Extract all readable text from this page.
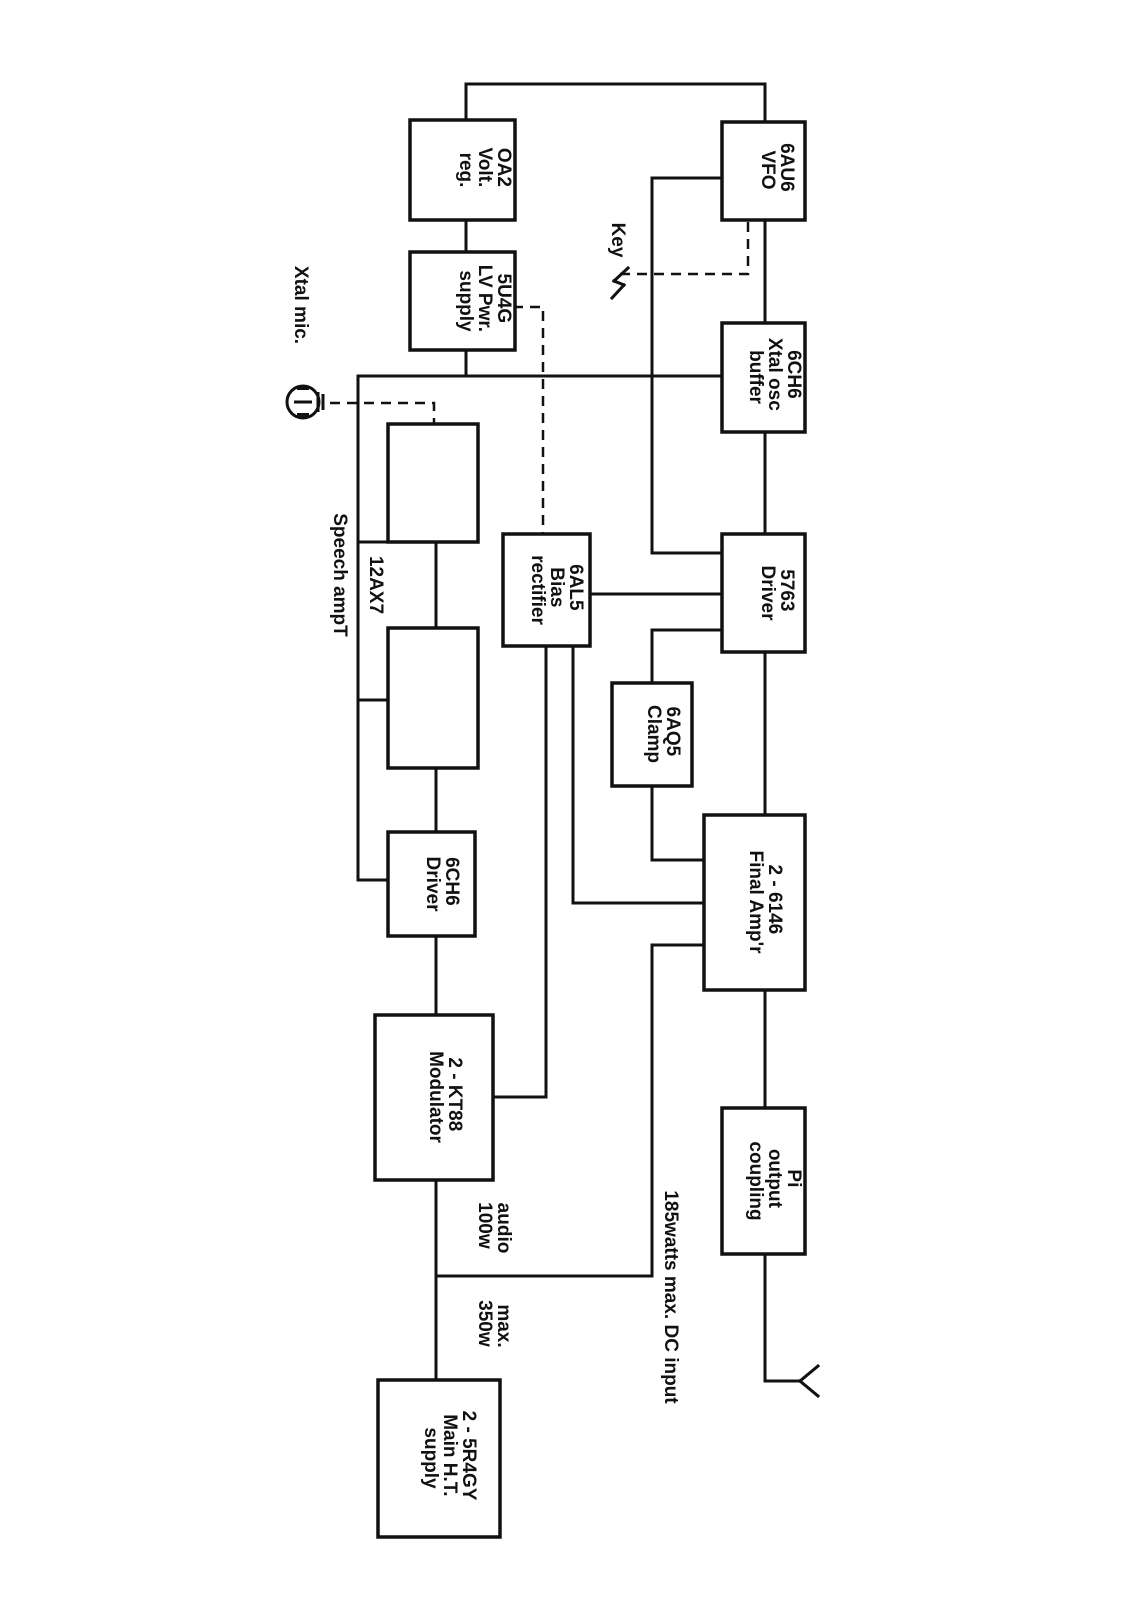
OA2 Volt. reg.	6AU6 VFO
5U4G LV Pwr. supply
6CH6 Xtal osc buffer
5763 Driver
6AL5 Bias rectifier
6AQ5 Clamp
2 - 6146 Final Amp'r
Pi output coupling
6CH6 Driver
2 - KT88 Modulator
2 - 5R4GY Main H.T. supply
Key
Xtal mic.
12AX7
Speech ampT
100w audio
350w max.	185watts max. DC input
